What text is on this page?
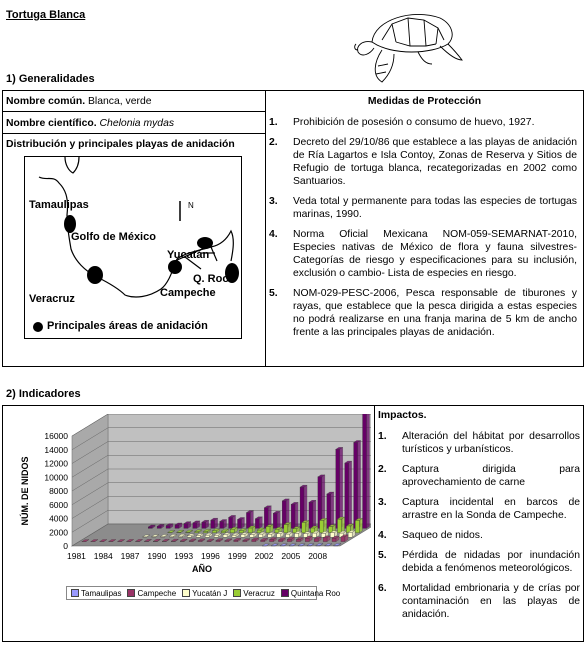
Tortuga Blanca
1) Generalidades
Nombre común. Blanca, verde
Nombre científico. Chelonia mydas
Distribución y principales playas de anidación
Tamaulipas	N
Golfo de México
Yucatán
Q. Roo
Campeche
Veracruz
Principales áreas de anidación
Medidas de Protección
1. Prohibición de posesión o consumo de huevo, 1927.
2. Decreto del 29/10/86 que establece a las playas de anidación de Ría Lagartos e Isla Contoy, Zonas de Reserva y Sitios de Refugio de tortuga blanca, recategorizadas en 2002 como Santuarios.
3. Veda total y permanente para todas las especies de tortugas marinas, 1990.
4. Norma Oficial Mexicana NOM-059-SEMARNAT-2010, Especies nativas de México de flora y fauna silvestres-Categorías de riesgo y especificaciones para su inclusión, exclusión o cambio- Lista de especies en riesgo.
5. NOM-029-PESC-2006, Pesca responsable de tiburones y rayas, que establece que la pesca dirigida a estas especies no podrá realizarse en una franja marina de 5 km de ancho frente a las principales playas de anidación.
2) Indicadores
Impactos.
1. Alteración del hábitat por desarrollos turísticos y urbanísticos.
2. Captura dirigida para aprovechamiento de carne
3. Captura incidental en barcos de arrastre en la Sonda de Campeche.
4. Saqueo de nidos.
5. Pérdida de nidadas por inundación debida a fenómenos meteorológicos.
6. Mortalidad embrionaria y de crías por contaminación en las playas de anidación.
0
2000
4000
6000
8000
10000
12000
14000
16000
1981 1984 1987 1990 1993 1996 1999 2002 2005 2008
AÑO
NÚM. DE NIDOS
Tamaulipas Campeche Yucatán J Veracruz Quintana Roo
